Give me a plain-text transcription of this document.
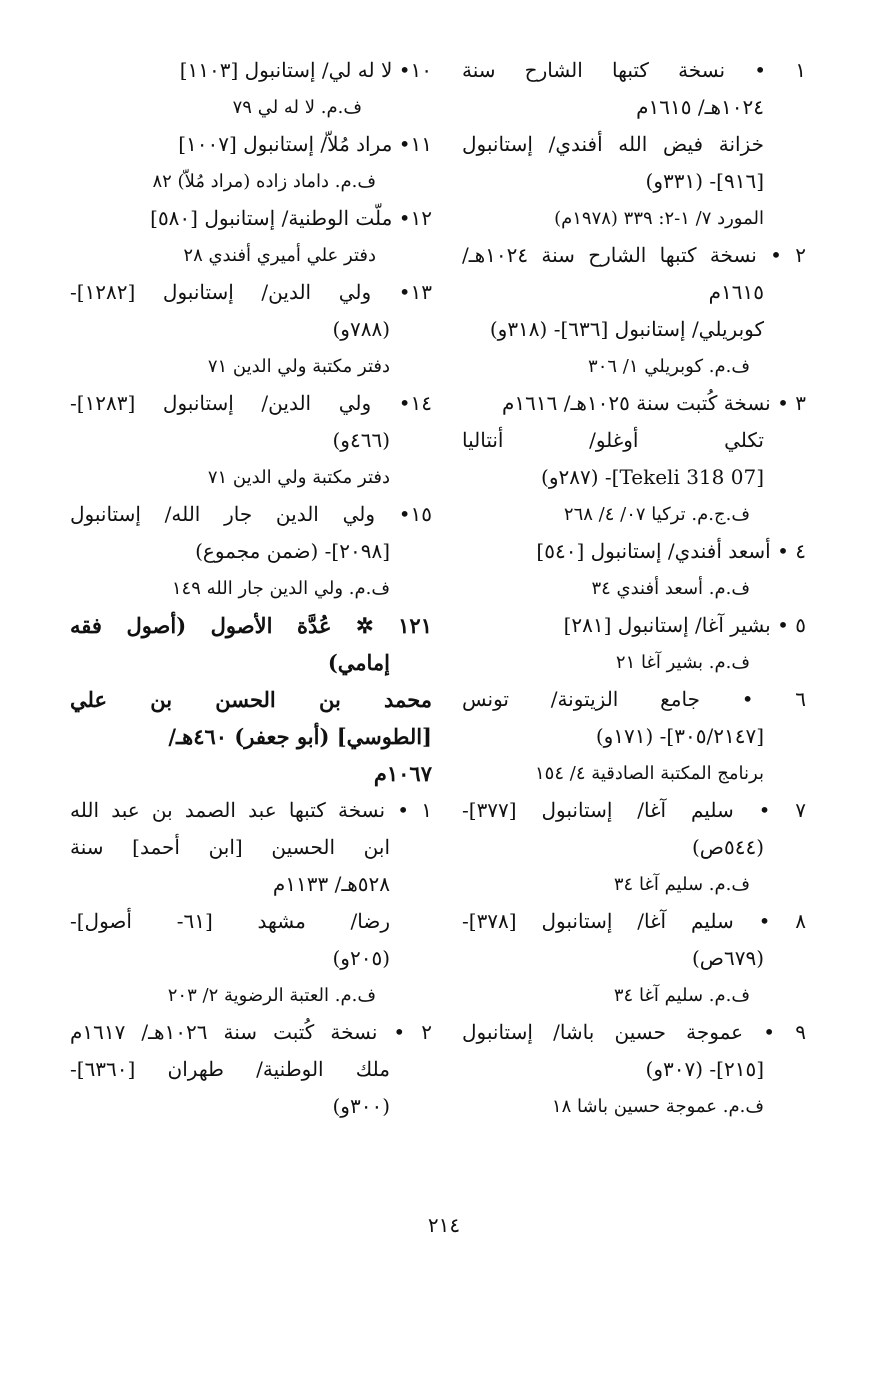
١ • نسخة كتبها الشارح سنة
١٠٢٤هـ/ ١٦١٥م
خزانة فيض الله أفندي/ إستانبول
[٩١٦]- (٣٣١و)
المورد ٧/ ١-٢: ٣٣٩ (١٩٧٨م)
٢ • نسخة كتبها الشارح سنة ١٠٢٤هـ/
١٦١٥م
كوبريلي/ إستانبول [٦٣٦]- (٣١٨و)
ف.م. كوبريلي ١/ ٣٠٦
٣ • نسخة كُتبت سنة ١٠٢٥هـ/ ١٦١٦م
تكلي أوغلو/ أنتاليا
[07 Tekeli 318]- (٢٨٧و)
ف.ج.م. تركيا ٠٧/ ٤/ ٢٦٨
٤ • أسعد أفندي/ إستانبول [٥٤٠]
ف.م. أسعد أفندي ٣٤
٥ • بشير آغا/ إستانبول [٢٨١]
ف.م. بشير آغا ٢١
٦ • جامع الزيتونة/ تونس
[٣٠٥/٢١٤٧]- (١٧١و)
برنامج المكتبة الصادقية ٤/ ١٥٤
٧ • سليم آغا/ إستانبول [٣٧٧]-
(٥٤٤ص)
ف.م. سليم آغا ٣٤
٨ • سليم آغا/ إستانبول [٣٧٨]-
(٦٧٩ص)
ف.م. سليم آغا ٣٤
٩ • عموجة حسين باشا/ إستانبول
[٢١٥]- (٣٠٧و)
ف.م. عموجة حسين باشا ١٨
١٠• لا له لي/ إستانبول [١١٠٣]
ف.م. لا له لي ٧٩
١١• مراد مُلاّ/ إستانبول [١٠٠٧]
ف.م. داماد زاده (مراد مُلاّ) ٨٢
١٢• ملّت الوطنية/ إستانبول [٥٨٠]
دفتر علي أميري أفندي ٢٨
١٣• ولي الدين/ إستانبول [١٢٨٢]-
(٧٨٨و)
دفتر مكتبة ولي الدين ٧١
١٤• ولي الدين/ إستانبول [١٢٨٣]-
(٤٦٦و)
دفتر مكتبة ولي الدين ٧١
١٥• ولي الدين جار الله/ إستانبول
[٢٠٩٨]- (ضمن مجموع)
ف.م. ولي الدين جار الله ١٤٩
١٢١ ✲ عُدَّة الأصول (أصول فقه
إمامي)
محمد بن الحسن بن علي
[الطوسي] (أبو جعفر) ٤٦٠هـ/
١٠٦٧م
١ • نسخة كتبها عبد الصمد بن عبد الله
ابن الحسين [ابن أحمد] سنة
٥٢٨هـ/ ١١٣٣م
رضا/ مشهد [٦١- أصول]-
(٢٠٥و)
ف.م. العتبة الرضوية ٢/ ٢٠٣
٢ • نسخة كُتبت سنة ١٠٢٦هـ/ ١٦١٧م
ملك الوطنية/ طهران [٦٣٦٠]-
(٣٠٠و)
٢١٤
